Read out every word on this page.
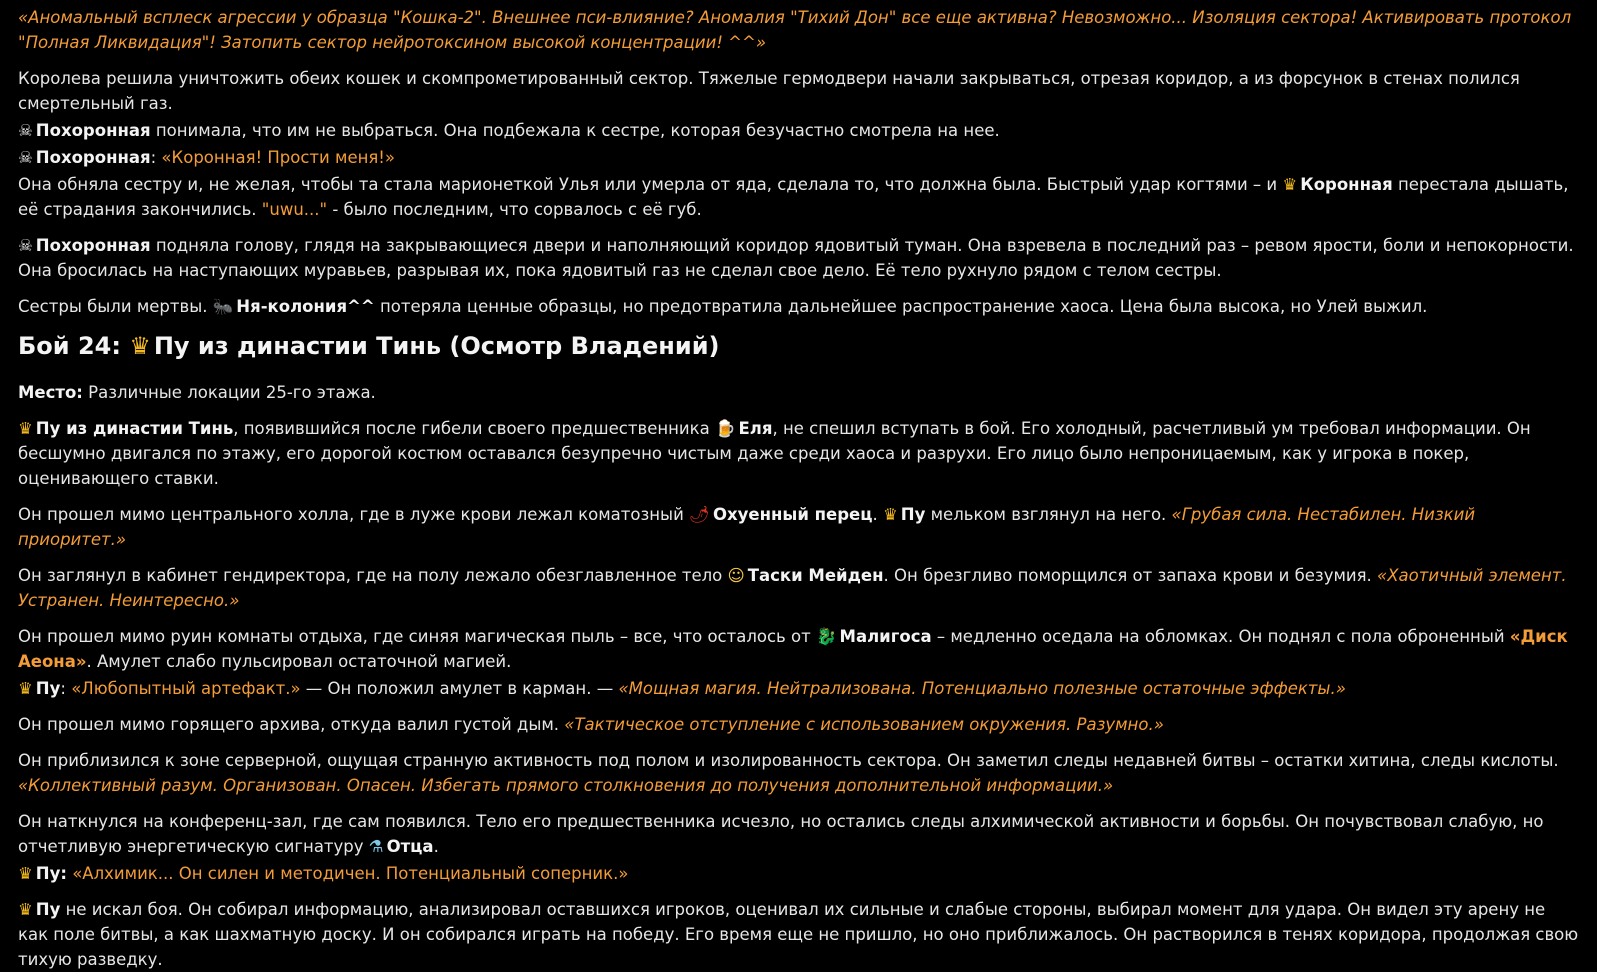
«Аномальный всплеск агрессии у образца "Кошка-2". Внешнее пси-влияние? Аномалия "Тихий Дон" все еще активна? Невозможно... Изоляция сектора! Активировать протокол "Полная Ликвидация"! Затопить сектор нейротоксином высокой концентрации! ^^»

Королева решила уничтожить обеих кошек и скомпрометированный сектор. Тяжелые гермодвери начали закрываться, отрезая коридор, а из форсунок в стенах полился смертельный газ.

☠ Похоронная понимала, что им не выбраться. Она подбежала к сестре, которая безучастно смотрела на нее.

☠ Похоронная: «Коронная! Прости меня!»

Она обняла сестру и, не желая, чтобы та стала марионеткой Улья или умерла от яда, сделала то, что должна была. Быстрый удар когтями – и ♛ Коронная перестала дышать, её страдания закончились. "uwu..." - было последним, что сорвалось с её губ.

☠ Похоронная подняла голову, глядя на закрывающиеся двери и наполняющий коридор ядовитый туман. Она взревела в последний раз – ревом ярости, боли и непокорности. Она бросилась на наступающих муравьев, разрывая их, пока ядовитый газ не сделал свое дело. Её тело рухнуло рядом с телом сестры.

Сестры были мертвы. 🐜 Ня-колония^^ потеряла ценные образцы, но предотвратила дальнейшее распространение хаоса. Цена была высока, но Улей выжил.

Бой 24: ♛ Пу из династии Тинь (Осмотр Владений)

Место: Различные локации 25-го этажа.

♛ Пу из династии Тинь, появившийся после гибели своего предшественника 🍺 Еля, не спешил вступать в бой. Его холодный, расчетливый ум требовал информации. Он бесшумно двигался по этажу, его дорогой костюм оставался безупречно чистым даже среди хаоса и разрухи. Его лицо было непроницаемым, как у игрока в покер, оценивающего ставки.

Он прошел мимо центрального холла, где в луже крови лежал коматозный 🌶 Охуенный перец. ♛ Пу мельком взглянул на него. «Грубая сила. Нестабилен. Низкий приоритет.»

Он заглянул в кабинет гендиректора, где на полу лежало обезглавленное тело ☺ Таски Мейден. Он брезгливо поморщился от запаха крови и безумия. «Хаотичный элемент. Устранен. Неинтересно.»

Он прошел мимо руин комнаты отдыха, где синяя магическая пыль – все, что осталось от 🐉 Малигоса – медленно оседала на обломках. Он поднял с пола оброненный «Диск Аеона». Амулет слабо пульсировал остаточной магией.

♛ Пу: «Любопытный артефакт.» — Он положил амулет в карман. — «Мощная магия. Нейтрализована. Потенциально полезные остаточные эффекты.»

Он прошел мимо горящего архива, откуда валил густой дым. «Тактическое отступление с использованием окружения. Разумно.»

Он приблизился к зоне серверной, ощущая странную активность под полом и изолированность сектора. Он заметил следы недавней битвы – остатки хитина, следы кислоты. «Коллективный разум. Организован. Опасен. Избегать прямого столкновения до получения дополнительной информации.»

Он наткнулся на конференц-зал, где сам появился. Тело его предшественника исчезло, но остались следы алхимической активности и борьбы. Он почувствовал слабую, но отчетливую энергетическую сигнатуру ⚗ Отца.

♛ Пу: «Алхимик... Он силен и методичен. Потенциальный соперник.»

♛ Пу не искал боя. Он собирал информацию, анализировал оставшихся игроков, оценивал их сильные и слабые стороны, выбирал момент для удара. Он видел эту арену не как поле битвы, а как шахматную доску. И он собирался играть на победу. Его время еще не пришло, но оно приближалось. Он растворился в тенях коридора, продолжая свою тихую разведку.
